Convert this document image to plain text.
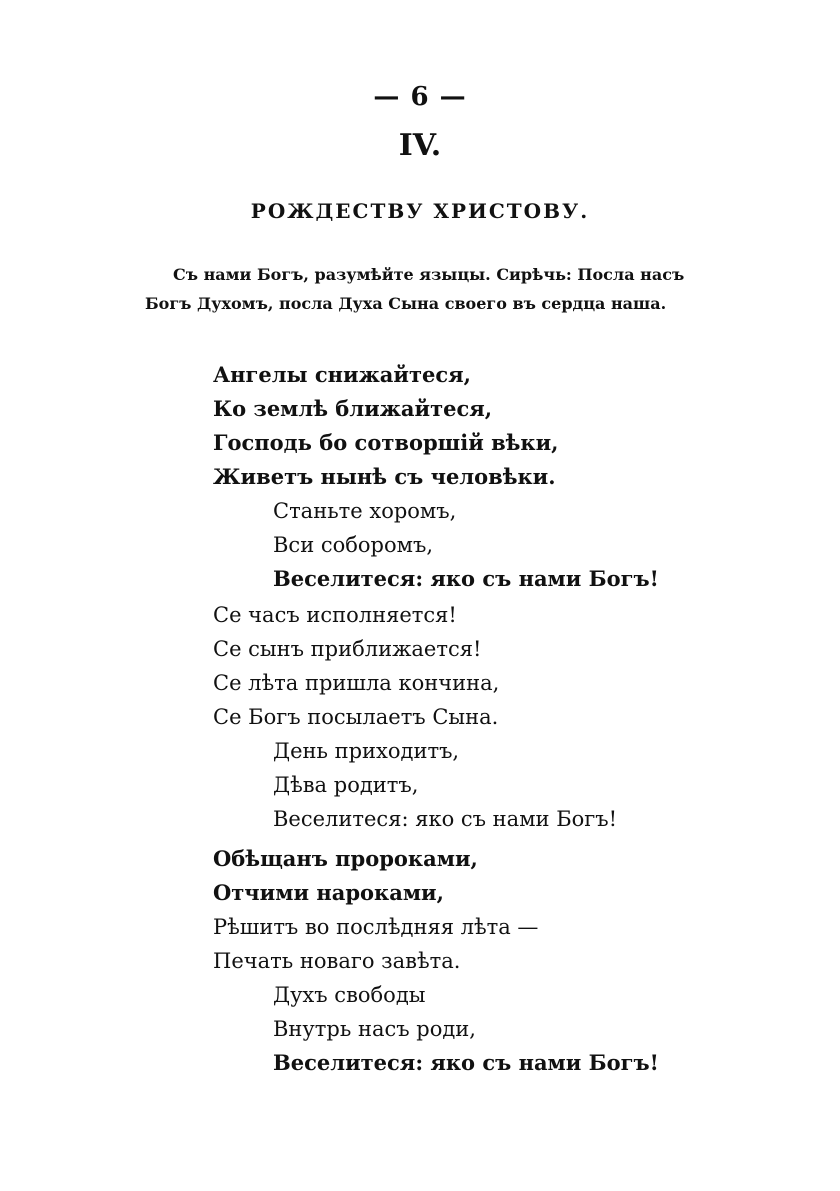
— 6 —
IV.
РОЖДЕСТВУ ХРИСТОВУ.
Съ нами Богъ, разумѣйте языцы. Сирѣчь: Посла насъ
Богъ Духомъ, посла Духа Сына своего въ сердца наша.
Ангелы снижайтеся,
Ко землѣ ближайтеся,
Господь бо сотворшій вѣки,
Живетъ нынѣ съ человѣки.
Станьте хоромъ,
Вси соборомъ,
Веселитеся: яко съ нами Богъ!
Се часъ исполняется!
Се сынъ приближается!
Се лѣта пришла кончина,
Се Богъ посылаетъ Сына.
День приходитъ,
Дѣва родитъ,
Веселитеся: яко съ нами Богъ!
Обѣщанъ пророками,
Отчими нароками,
Рѣшитъ во послѣдняя лѣта —
Печать новаго завѣта.
Духъ свободы
Внутрь насъ роди,
Веселитеся: яко съ нами Богъ!
